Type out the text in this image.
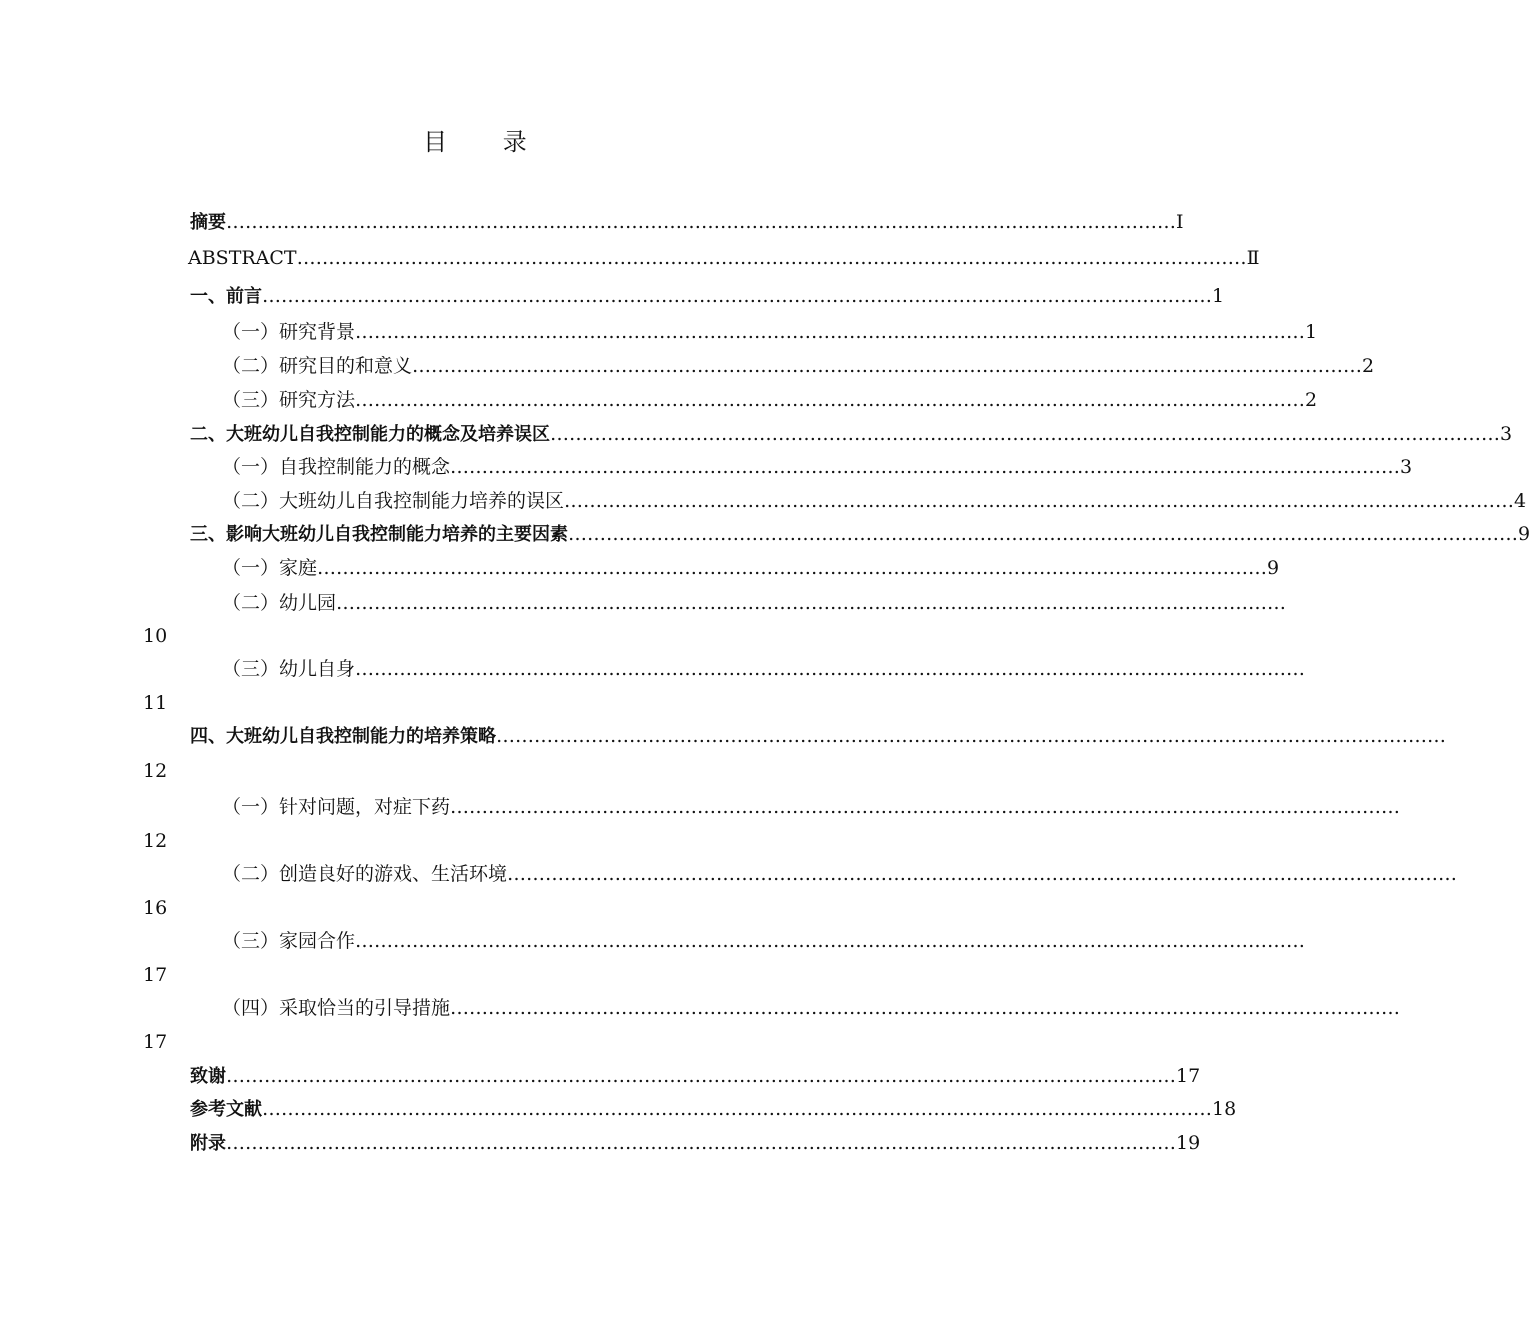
目 录
摘要 …………………………………………………………………………………………………………………………………… Ⅰ
ABSTRACT …………………………………………………………………………………………………………………………………… Ⅱ
一、前言 …………………………………………………………………………………………………………………………………… 1
（一）研究背景 …………………………………………………………………………………………………………………………………… 1
（二）研究目的和意义 …………………………………………………………………………………………………………………………………… 2
（三）研究方法 …………………………………………………………………………………………………………………………………… 2
二、大班幼儿自我控制能力的概念及培养误区 …………………………………………………………………………………………………………………………………… 3
（一）自我控制能力的概念 …………………………………………………………………………………………………………………………………… 3
（二）大班幼儿自我控制能力培养的误区 …………………………………………………………………………………………………………………………………… 4
三、影响大班幼儿自我控制能力培养的主要因素 …………………………………………………………………………………………………………………………………… 9
（一）家庭 …………………………………………………………………………………………………………………………………… 9
（二）幼儿园 ……………………………………………………………………………………………………………………………………
10
（三）幼儿自身 ……………………………………………………………………………………………………………………………………
11
四、大班幼儿自我控制能力的培养策略 ……………………………………………………………………………………………………………………………………
12
（一）针对问题，对症下药 ……………………………………………………………………………………………………………………………………
12
（二）创造良好的游戏、生活环境 ……………………………………………………………………………………………………………………………………
16
（三）家园合作 ……………………………………………………………………………………………………………………………………
17
（四）采取恰当的引导措施 ……………………………………………………………………………………………………………………………………
17
致谢 …………………………………………………………………………………………………………………………………… 17
参考文献 …………………………………………………………………………………………………………………………………… 18
附录 …………………………………………………………………………………………………………………………………… 19
